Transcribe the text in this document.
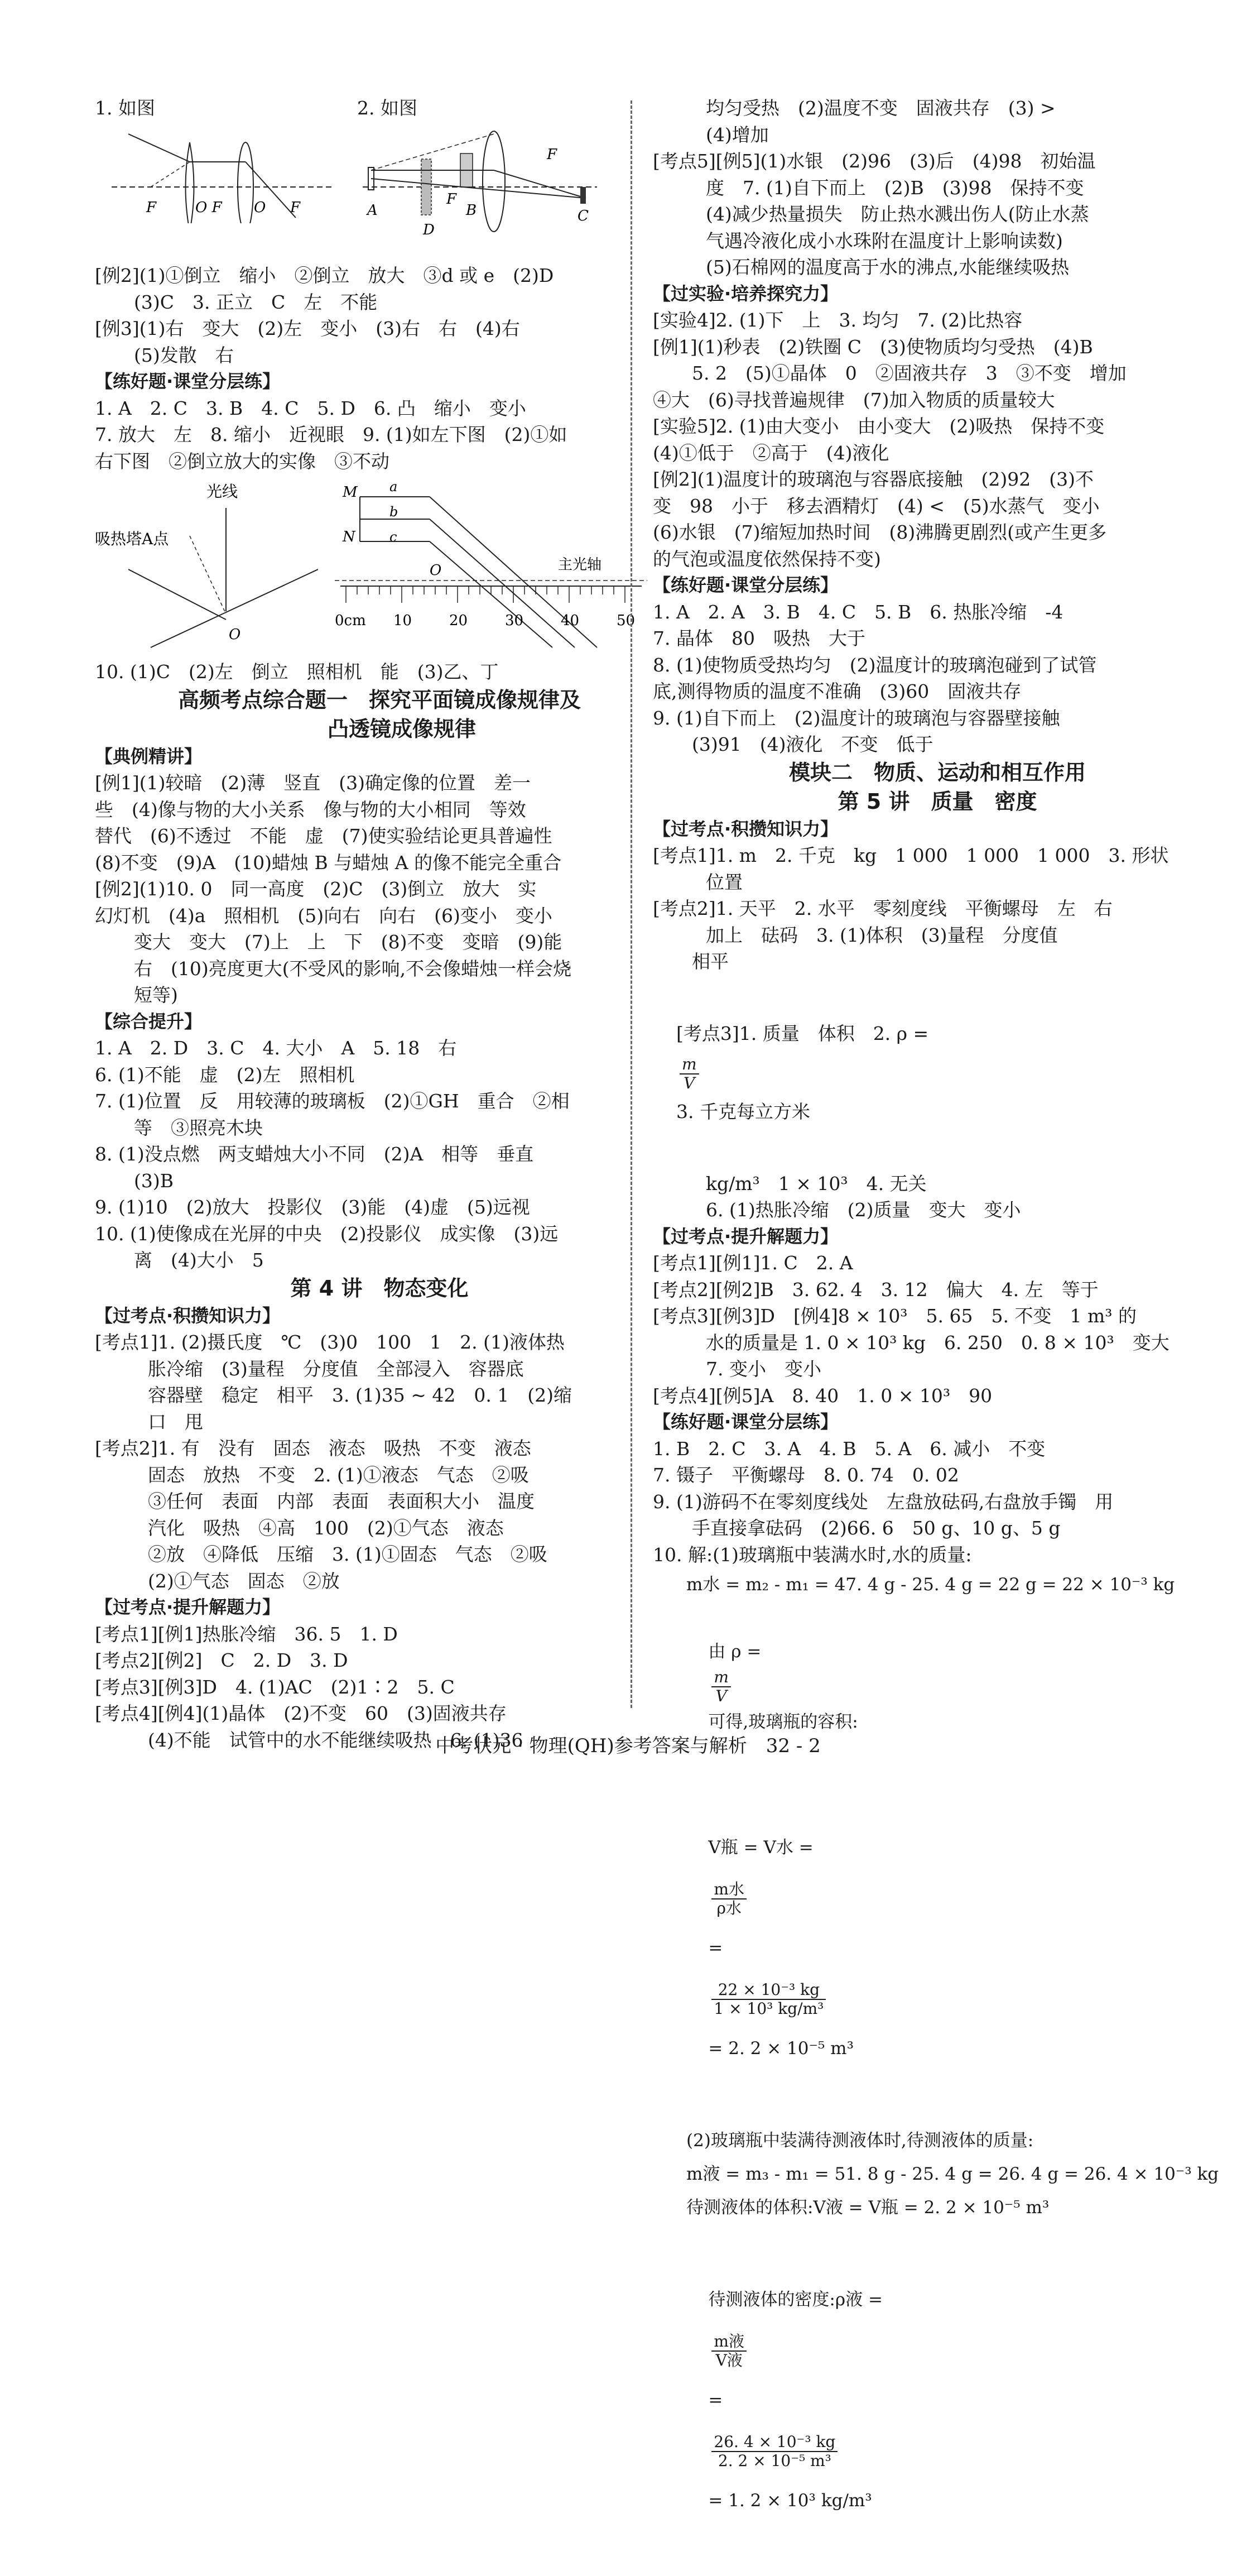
1. 如图	2. 如图

F	O F O F	A
D
F
B
F
C

[例2](1)①倒立　缩小　②倒立　放大　③d 或 e　(2)D

(3)C　3. 正立　C　左　不能

[例3](1)右　变大　(2)左　变小　(3)右　右　(4)右

(5)发散　右

【练好题·课堂分层练】

1. A　2. C　3. B　4. C　5. D　6. 凸　缩小　变小

7. 放大　左　8. 缩小　近视眼　9. (1)如左下图　(2)①如

右下图　②倒立放大的实像　③不动

光线
吸热塔A点
O
M a
b
N	c
O	主光轴
0cm 10	20	30	40	50

10. (1)C　(2)左　倒立　照相机　能　(3)乙、丁

高频考点综合题一　探究平面镜成像规律及

凸透镜成像规律

【典例精讲】

[例1](1)较暗　(2)薄　竖直　(3)确定像的位置　差一

些　(4)像与物的大小关系　像与物的大小相同　等效

替代　(6)不透过　不能　虚　(7)使实验结论更具普遍性

(8)不变　(9)A　(10)蜡烛 B 与蜡烛 A 的像不能完全重合

[例2](1)10. 0　同一高度　(2)C　(3)倒立　放大　实

幻灯机　(4)a　照相机　(5)向右　向右　(6)变小　变小

变大　变大　(7)上　上　下　(8)不变　变暗　(9)能

右　(10)亮度更大(不受风的影响,不会像蜡烛一样会烧

短等)

【综合提升】

1. A　2. D　3. C　4. 大小　A　5. 18　右

6. (1)不能　虚　(2)左　照相机

7. (1)位置　反　用较薄的玻璃板　(2)①GH　重合　②相

等　③照亮木块

8. (1)没点燃　两支蜡烛大小不同　(2)A　相等　垂直

(3)B

9. (1)10　(2)放大　投影仪　(3)能　(4)虚　(5)远视

10. (1)使像成在光屏的中央　(2)投影仪　成实像　(3)远

离　(4)大小　5

第 4 讲　物态变化

【过考点·积攒知识力】

[考点1]1. (2)摄氏度　℃　(3)0　100　1　2. (1)液体热

胀冷缩　(3)量程　分度值　全部浸入　容器底

容器壁　稳定　相平　3. (1)35 ~ 42　0. 1　(2)缩

口　甩

[考点2]1. 有　没有　固态　液态　吸热　不变　液态

固态　放热　不变　2. (1)①液态　气态　②吸

③任何　表面　内部　表面　表面积大小　温度

汽化　吸热　④高　100　(2)①气态　液态

②放　④降低　压缩　3. (1)①固态　气态　②吸

(2)①气态　固态　②放

【过考点·提升解题力】

[考点1][例1]热胀冷缩　36. 5　1. D

[考点2][例2]　C　2. D　3. D

[考点3][例3]D　4. (1)AC　(2)1∶2　5. C

[考点4][例4](1)晶体　(2)不变　60　(3)固液共存

(4)不能　试管中的水不能继续吸热　6. (1)36

均匀受热　(2)温度不变　固液共存　(3) >

(4)增加

[考点5][例5](1)水银　(2)96　(3)后　(4)98　初始温

度　7. (1)自下而上　(2)B　(3)98　保持不变

(4)减少热量损失　防止热水溅出伤人(防止水蒸

气遇冷液化成小水珠附在温度计上影响读数)

(5)石棉网的温度高于水的沸点,水能继续吸热

【过实验·培养探究力】

[实验4]2. (1)下　上　3. 均匀　7. (2)比热容

[例1](1)秒表　(2)铁圈 C　(3)使物质均匀受热　(4)B

5. 2　(5)①晶体　0　②固液共存　3　③不变　增加

④大　(6)寻找普遍规律　(7)加入物质的质量较大

[实验5]2. (1)由大变小　由小变大　(2)吸热　保持不变

(4)①低于　②高于　(4)液化

[例2](1)温度计的玻璃泡与容器底接触　(2)92　(3)不

变　98　小于　移去酒精灯　(4) <　(5)水蒸气　变小

(6)水银　(7)缩短加热时间　(8)沸腾更剧烈(或产生更多

的气泡或温度依然保持不变)

【练好题·课堂分层练】

1. A　2. A　3. B　4. C　5. B　6. 热胀冷缩　-4

7. 晶体　80　吸热　大于

8. (1)使物质受热均匀　(2)温度计的玻璃泡碰到了试管

底,测得物质的温度不准确　(3)60　固液共存

9. (1)自下而上　(2)温度计的玻璃泡与容器壁接触

(3)91　(4)液化　不变　低于

模块二　物质、运动和相互作用

第 5 讲　质量　密度

【过考点·积攒知识力】

[考点1]1. m　2. 千克　kg　1 000　1 000　1 000　3. 形状

位置

[考点2]1. 天平　2. 水平　零刻度线　平衡螺母　左　右

加上　砝码　3. (1)体积　(3)量程　分度值

相平

[考点3]1. 质量　体积　2. ρ =

$\frac{m}{V}$

3. 千克每立方米

kg/m³　1 × 10³　4. 无关

6. (1)热胀冷缩　(2)质量　变大　变小

【过考点·提升解题力】

[考点1][例1]1. C　2. A

[考点2][例2]B　3. 62. 4　3. 12　偏大　4. 左　等于

[考点3][例3]D　[例4]8 × 10³　5. 65　5. 不变　1 m³ 的

水的质量是 1. 0 × 10³ kg　6. 250　0. 8 × 10³　变大

7. 变小　变小

[考点4][例5]A　8. 40　1. 0 × 10³　90

【练好题·课堂分层练】

1. B　2. C　3. A　4. B　5. A　6. 减小　不变

7. 镊子　平衡螺母　8. 0. 74　0. 02

9. (1)游码不在零刻度线处　左盘放砝码,右盘放手镯　用

手直接拿砝码　(2)66. 6　50 g、10 g、5 g

10. 解:(1)玻璃瓶中装满水时,水的质量:

m水 = m₂ - m₁ = 47. 4 g - 25. 4 g = 22 g = 22 × 10⁻³ kg

由 ρ =

$\frac{m}{V}$

可得,玻璃瓶的容积:

V瓶 = V水 =

$\frac{\text{m水}}{\text{ρ水}}$

=

$\frac{\text{22 × 10⁻³ kg}}{\text{1 × 10³ kg/m³}}$

= 2. 2 × 10⁻⁵ m³

(2)玻璃瓶中装满待测液体时,待测液体的质量:

m液 = m₃ - m₁ = 51. 8 g - 25. 4 g = 26. 4 g = 26. 4 × 10⁻³ kg

待测液体的体积:V液 = V瓶 = 2. 2 × 10⁻⁵ m³

待测液体的密度:ρ液 =

$\frac{\text{m液}}{\text{V液}}$

=

$\frac{\text{26. 4 × 10⁻³ kg}}{\text{2. 2 × 10⁻⁵ m³}}$

= 1. 2 × 10³ kg/m³

中考状元 · 物理(QH)参考答案与解析　32 - 2
